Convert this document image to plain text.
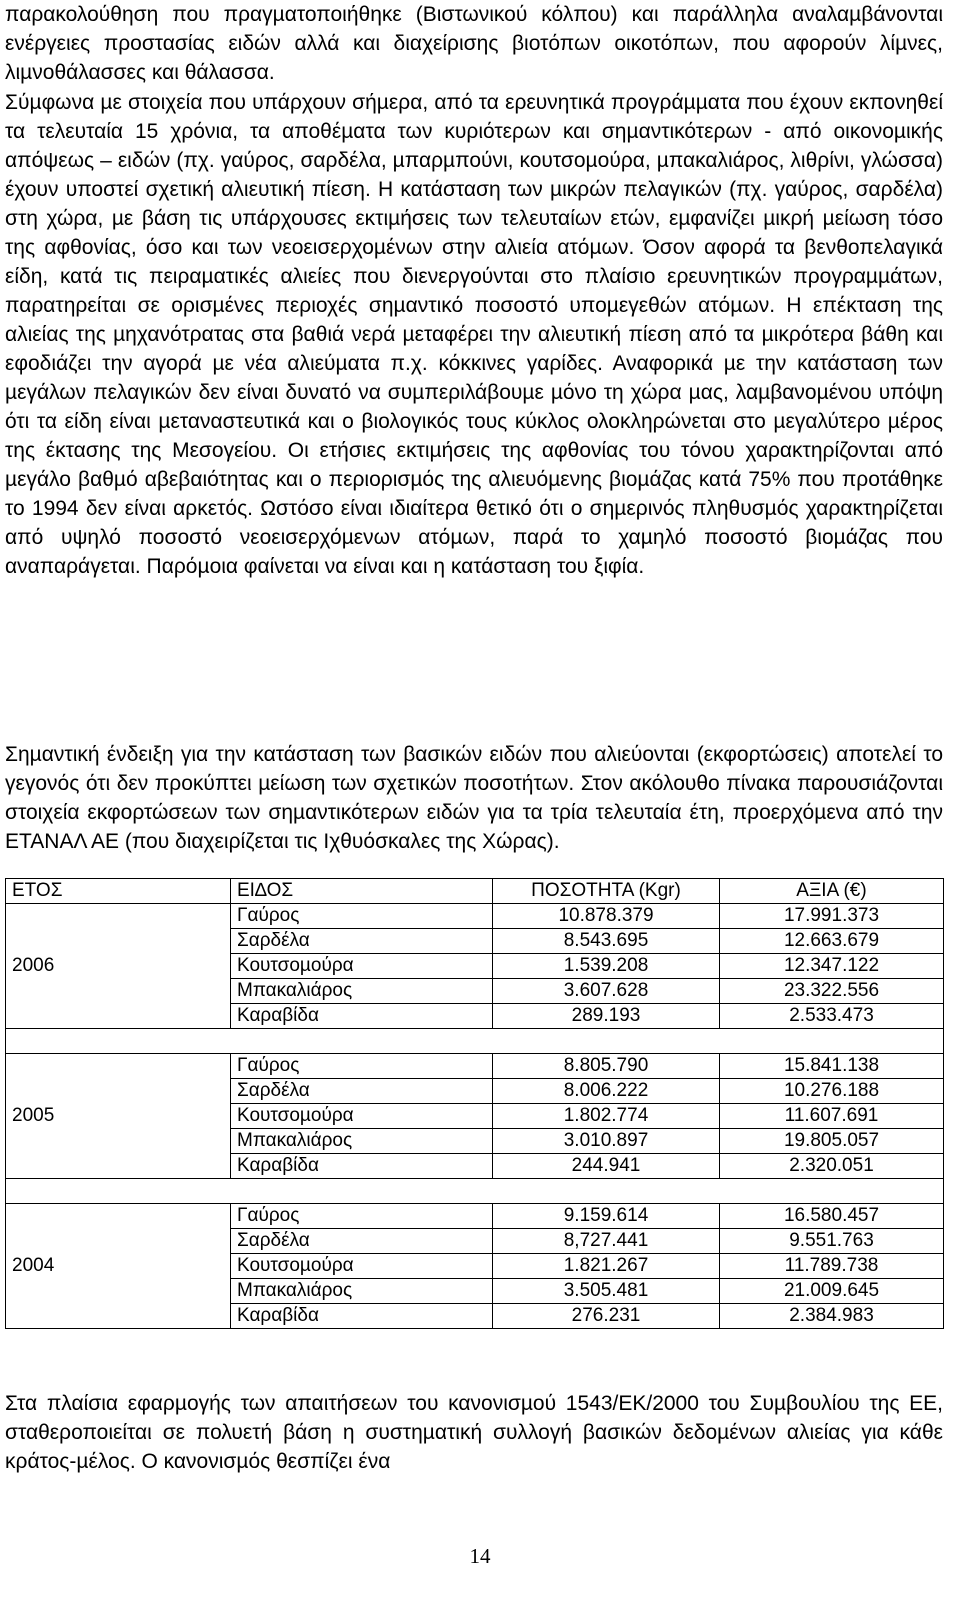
παρακολούθηση που πραγµατοποιήθηκε (Βιστωνικού κόλπου) και παράλληλα αναλαµβάνονται ενέργειες προστασίας ειδών αλλά και διαχείρισης βιοτόπων οικοτόπων, που αφορούν λίµνες, λιµνοθάλασσες και θάλασσα.

Σύµφωνα µε στοιχεία που υπάρχουν σήµερα, από τα ερευνητικά προγράµµατα που έχουν εκπονηθεί τα τελευταία 15 χρόνια, τα αποθέµατα των κυριότερων και σηµαντικότερων - από οικονοµικής απόψεως – ειδών (πχ. γαύρος, σαρδέλα, µπαρµπούνι, κουτσοµούρα, µπακαλιάρος, λιθρίνι, γλώσσα) έχουν υποστεί σχετική αλιευτική πίεση. Η κατάσταση των µικρών πελαγικών (πχ. γαύρος, σαρδέλα) στη χώρα, µε βάση τις υπάρχουσες εκτιµήσεις των τελευταίων ετών, εµφανίζει µικρή µείωση τόσο της αφθονίας, όσο και των νεοεισερχοµένων στην αλιεία ατόµων. Όσον αφορά τα βενθοπελαγικά είδη, κατά τις πειραµατικές αλιείες που διενεργούνται στο πλαίσιο ερευνητικών προγραµµάτων, παρατηρείται σε ορισµένες περιοχές σηµαντικό ποσοστό υποµεγεθών ατόµων. Η επέκταση της αλιείας της µηχανότρατας στα βαθιά νερά µεταφέρει την αλιευτική πίεση από τα µικρότερα βάθη και εφοδιάζει την αγορά µε νέα αλιεύµατα π.χ. κόκκινες γαρίδες. Αναφορικά µε την κατάσταση των µεγάλων πελαγικών δεν είναι δυνατό να συµπεριλάβουµε µόνο τη χώρα µας, λαµβανοµένου υπόψη ότι τα είδη είναι µεταναστευτικά και ο βιολογικός τους κύκλος ολοκληρώνεται στο µεγαλύτερο µέρος της έκτασης της Μεσογείου. Οι ετήσιες εκτιµήσεις της αφθονίας του τόνου χαρακτηρίζονται από µεγάλο βαθµό αβεβαιότητας και ο περιορισµός της αλιευόµενης βιοµάζας κατά 75% που προτάθηκε το 1994 δεν είναι αρκετός. Ωστόσο είναι ιδιαίτερα θετικό ότι ο σηµερινός πληθυσµός χαρακτηρίζεται από υψηλό ποσοστό νεοεισερχόµενων ατόµων, παρά το χαµηλό ποσοστό βιοµάζας που αναπαράγεται. Παρόµοια φαίνεται να είναι και η κατάσταση του ξιφία.

Σηµαντική ένδειξη για την κατάσταση των βασικών ειδών που αλιεύονται (εκφορτώσεις) αποτελεί το γεγονός ότι δεν προκύπτει µείωση των σχετικών ποσοτήτων. Στον ακόλουθο πίνακα παρουσιάζονται στοιχεία εκφορτώσεων των σηµαντικότερων ειδών για τα τρία τελευταία έτη, προερχόµενα από την ΕΤΑΝΑΛ ΑΕ (που διαχειρίζεται τις Ιχθυόσκαλες της Χώρας).

ΕΤΟΣ	ΕΙ∆ΟΣ	ΠΟΣΟΤΗΤΑ (Kgr)	ΑΞΙΑ (€)
2006	Γαύρος	10.878.379	17.991.373
	Σαρδέλα	8.543.695	12.663.679
	Κουτσοµούρα	1.539.208	12.347.122
	Μπακαλιάρος	3.607.628	23.322.556
	Καραβίδα	289.193	2.533.473

2005	Γαύρος	8.805.790	15.841.138
	Σαρδέλα	8.006.222	10.276.188
	Κουτσοµούρα	1.802.774	11.607.691
	Μπακαλιάρος	3.010.897	19.805.057
	Καραβίδα	244.941	2.320.051

2004	Γαύρος	9.159.614	16.580.457
	Σαρδέλα	8,727.441	9.551.763
	Κουτσοµούρα	1.821.267	11.789.738
	Μπακαλιάρος	3.505.481	21.009.645
	Καραβίδα	276.231	2.384.983

Στα πλαίσια εφαρµογής των απαιτήσεων του κανονισµού 1543/ΕΚ/2000 του Συµβουλίου της ΕΕ, σταθεροποιείται σε πολυετή βάση η συστηµατική συλλογή βασικών δεδοµένων αλιείας για κάθε κράτος-µέλος. Ο κανονισµός θεσπίζει ένα

14
